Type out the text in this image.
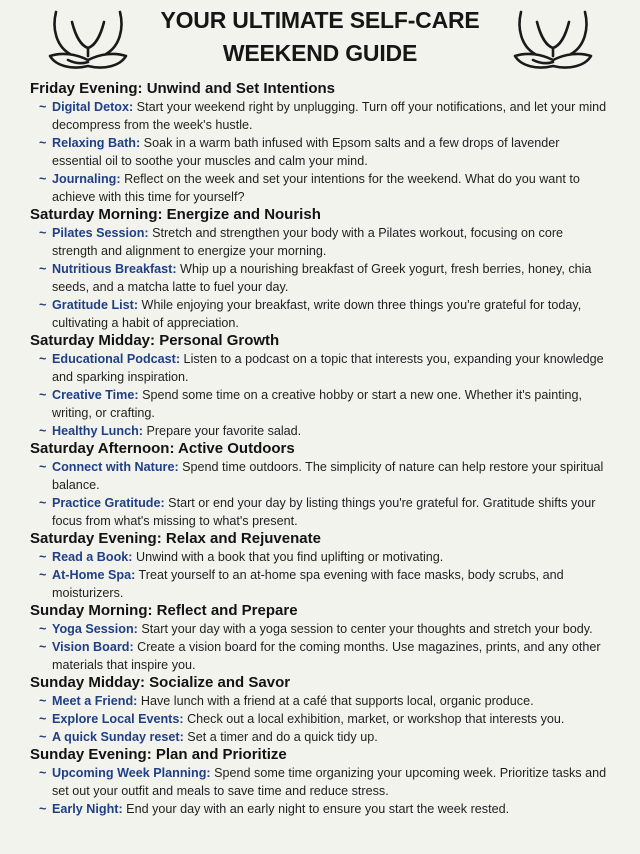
YOUR ULTIMATE SELF-CARE
WEEKEND GUIDE
Friday Evening: Unwind and Set Intentions
~ Digital Detox: Start your weekend right by unplugging. Turn off your notifications, and let your mind decompress from the week's hustle.
~ Relaxing Bath: Soak in a warm bath infused with Epsom salts and a few drops of lavender essential oil to soothe your muscles and calm your mind.
~ Journaling: Reflect on the week and set your intentions for the weekend. What do you want to achieve with this time for yourself?
Saturday Morning: Energize and Nourish
~ Pilates Session: Stretch and strengthen your body with a Pilates workout, focusing on core strength and alignment to energize your morning.
~ Nutritious Breakfast: Whip up a nourishing breakfast of Greek yogurt, fresh berries, honey, chia seeds, and a matcha latte to fuel your day.
~ Gratitude List: While enjoying your breakfast, write down three things you're grateful for today, cultivating a habit of appreciation.
Saturday Midday: Personal Growth
~ Educational Podcast: Listen to a podcast on a topic that interests you, expanding your knowledge and sparking inspiration.
~ Creative Time: Spend some time on a creative hobby or start a new one. Whether it's painting, writing, or crafting.
~ Healthy Lunch: Prepare your favorite salad.
Saturday Afternoon: Active Outdoors
~ Connect with Nature: Spend time outdoors. The simplicity of nature can help restore your spiritual balance.
~ Practice Gratitude: Start or end your day by listing things you're grateful for. Gratitude shifts your focus from what's missing to what's present.
Saturday Evening: Relax and Rejuvenate
~ Read a Book: Unwind with a book that you find uplifting or motivating.
~ At-Home Spa: Treat yourself to an at-home spa evening with face masks, body scrubs, and moisturizers.
Sunday Morning: Reflect and Prepare
~ Yoga Session: Start your day with a yoga session to center your thoughts and stretch your body.
~ Vision Board: Create a vision board for the coming months. Use magazines, prints, and any other materials that inspire you.
Sunday Midday: Socialize and Savor
~ Meet a Friend: Have lunch with a friend at a café that supports local, organic produce.
~ Explore Local Events: Check out a local exhibition, market, or workshop that interests you.
~ A quick Sunday reset: Set a timer and do a quick tidy up.
Sunday Evening: Plan and Prioritize
~ Upcoming Week Planning: Spend some time organizing your upcoming week. Prioritize tasks and set out your outfit and meals to save time and reduce stress.
~ Early Night: End your day with an early night to ensure you start the week rested.
